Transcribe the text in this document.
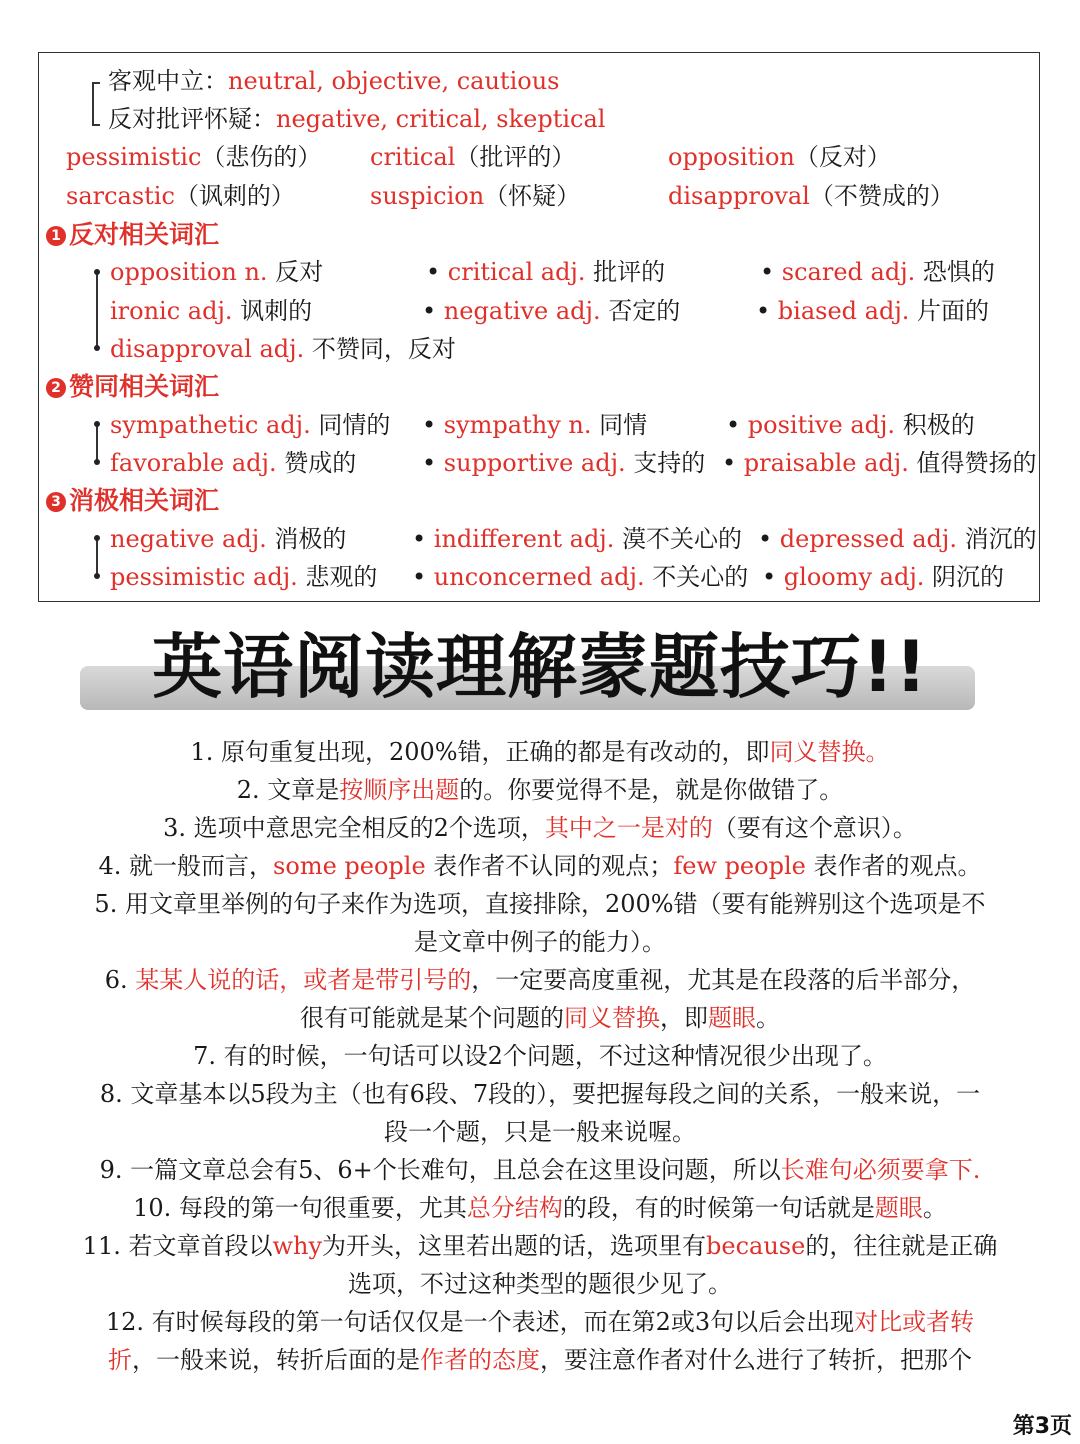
客观中立：neutral, objective, cautious
反对批评怀疑：negative, critical, skeptical
pessimistic（悲伤的） critical（批评的）	opposition（反对）
sarcastic（讽刺的）	suspicion（怀疑）	disapproval（不赞成的）
1 反对相关词汇
opposition n. 反对	• critical adj. 批评的	• scared adj. 恐惧的
ironic adj. 讽刺的	• negative adj. 否定的	• biased adj. 片面的
disapproval adj. 不赞同，反对
2 赞同相关词汇
sympathetic adj. 同情的 • sympathy n. 同情	• positive adj. 积极的
favorable adj. 赞成的	• supportive adj. 支持的 • praisable adj. 值得赞扬的
3 消极相关词汇
negative adj. 消极的	• indifferent adj. 漠不关心的 • depressed adj. 消沉的
pessimistic adj. 悲观的 • unconcerned adj. 不关心的 • gloomy adj. 阴沉的
英语阅读理解蒙题技巧!!

1. 原句重复出现，200%错，正确的都是有改动的，即同义替换。

2. 文章是按顺序出题的。你要觉得不是，就是你做错了。

3. 选项中意思完全相反的2个选项，其中之一是对的（要有这个意识）。

4. 就一般而言，some people 表作者不认同的观点；few people 表作者的观点。

5. 用文章里举例的句子来作为选项，直接排除，200%错（要有能辨别这个选项是不
是文章中例子的能力）。

6. 某某人说的话，或者是带引号的，一定要高度重视，尤其是在段落的后半部分，
很有可能就是某个问题的同义替换，即题眼。

7. 有的时候，一句话可以设2个问题，不过这种情况很少出现了。

8. 文章基本以5段为主（也有6段、7段的），要把握每段之间的关系，一般来说，一
段一个题，只是一般来说喔。

9. 一篇文章总会有5、6+个长难句，且总会在这里设问题，所以长难句必须要拿下.

10. 每段的第一句很重要，尤其总分结构的段，有的时候第一句话就是题眼。

11. 若文章首段以why为开头，这里若出题的话，选项里有because的，往往就是正确
选项，不过这种类型的题很少见了。

12. 有时候每段的第一句话仅仅是一个表述，而在第2或3句以后会出现对比或者转
折，一般来说，转折后面的是作者的态度，要注意作者对什么进行了转折，把那个

第3页
